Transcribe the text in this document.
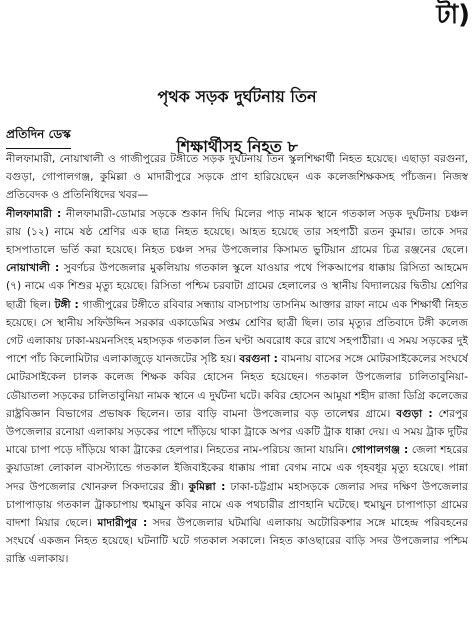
টা)
পৃথক সড়ক দুর্ঘটনায় তিন
শিক্ষার্থীসহ নিহত ৮
প্রতিদিন ডেস্ক

নীলফামারী, নোয়াখালী ও গাজীপুরের টঙ্গীতে সড়ক দুর্ঘটনায় তিন স্কুলশিক্ষার্থী নিহত হয়েছে। এছাড়া বরগুনা, বগুড়া, গোপালগঞ্জ, কুমিল্লা ও মাদারীপুরে সড়কে প্রাণ হারিয়েছেন এক কলেজশিক্ষকসহ পাঁচজন। নিজস্ব প্রতিবেদক ও প্রতিনিধিদের খবর—
নীলফামারী : নীলফামারী-ডোমার সড়কে শুকান দিঘি মিলের পাড় নামক স্থানে গতকাল সড়ক দুর্ঘটনায় চঞ্চল রায় (১২) নামে ষষ্ঠ শ্রেণির এক ছাত্র নিহত হয়েছে। আহত হয়েছে তার সহপাঠী রতন কুমার। তাকে সদর হাসপাতালে ভর্তি করা হয়েছে। নিহত চঞ্চল সদর উপজেলার কিসামত ভুটিয়ান গ্রামের চিত্র রঞ্জনের ছেলে। নোয়াখালী : সুবর্ণচর উপজেলার মুকলিয়ায় গতকাল স্কুলে যাওয়ার পথে পিকআপের ধাক্কায় রিসিতা আহমেদ (৭) নামে এক শিশুর মৃত্যু হয়েছে। রিসিতা পশ্চিম চরবাটা গ্রামের হেলালের ও স্থানীয় বিদ্যালয়ের দ্বিতীয় শ্রেণির ছাত্রী ছিল। টঙ্গী : গাজীপুরের টঙ্গীতে রবিবার সন্ধ্যায় বাসচাপায় তাসনিম আক্তার রাফা নামে এক শিক্ষার্থী নিহত হয়েছে। সে স্থানীয় সফিউদ্দিন সরকার একাডেমির সপ্তম শ্রেণির ছাত্রী ছিল। তার মৃত্যুর প্রতিবাদে টঙ্গী কলেজ গেট এলাকায় ঢাকা-ময়মনসিংহ মহাসড়ক গতকাল তিন ঘণ্টা অবরোধ করে রাখে সহপাঠীরা। এ সময় সড়কের দুই পাশে পাঁচ কিলোমিটার এলাকাজুড়ে যানজটের সৃষ্টি হয়। বরগুনা : বামনায় বাসের সঙ্গে মোটরসাইকেলের সংঘর্ষে মোটরসাইকেল চালক কলেজ শিক্ষক কবির হোসেন নিহত হয়েছেন। গতকাল উপজেলার চালিতাবুনিয়া-ডৌয়াতলা সড়কের চালিতাবুনিয়া নামক স্থানে এ দুর্ঘটনা ঘটে। কবির হোসেন আমুয়া শহীদ রাজা ডিগ্রি কলেজের রাষ্ট্রবিজ্ঞান বিভাগের প্রভাষক ছিলেন। তার বাড়ি বামনা উপজেলার বড় তালেশ্বর গ্রামে। বগুড়া : শেরপুর উপজেলার রনোয়া এলাকায় সড়কের পাশে দাঁড়িয়ে থাকা ট্রাকে অপর একটি ট্রাক ধাক্কা দেয়। এ সময় ট্রাক দুটির মাঝে চাপা পড়ে দাঁড়িয়ে থাকা ট্রাকের হেলপার। নিহতের নাম-পরিচয় জানা যায়নি। গোপালগঞ্জ : জেলা শহরের কুয়াডাঙ্গা লোকাল বাসস্ট্যান্ডে গতকাল ইজিবাইকের ধাক্কায় পান্না বেগম নামে এক গৃহবধূর মৃত্যু হয়েছে। পান্না সদর উপজেলার খোনরুল সিকদারের স্ত্রী। কুমিল্লা : ঢাকা-চট্টগ্রাম মহাসড়কে জেলার সদর দক্ষিণ উপজেলার চাপাপাড়ায় গতকাল ট্রাকচাপায় হুমায়ুন কবির নামে এক পথচারীর প্রাণহানি ঘটেছে। হুমায়ুন চাপাপাড়া গ্রামের বাদশা মিয়ার ছেলে। মাদারীপুর : সদর উপজেলার ঘটমাঝি এলাকায় অটোরিকশার সঙ্গে মাহেন্দ্র পরিবহনের সংঘর্ষে একজন নিহত হয়েছে। ঘটনাটি ঘটে গতকাল সকালে। নিহত কাওছারের বাড়ি সদর উপজেলার পশ্চিম রাস্তি এলাকায়।
